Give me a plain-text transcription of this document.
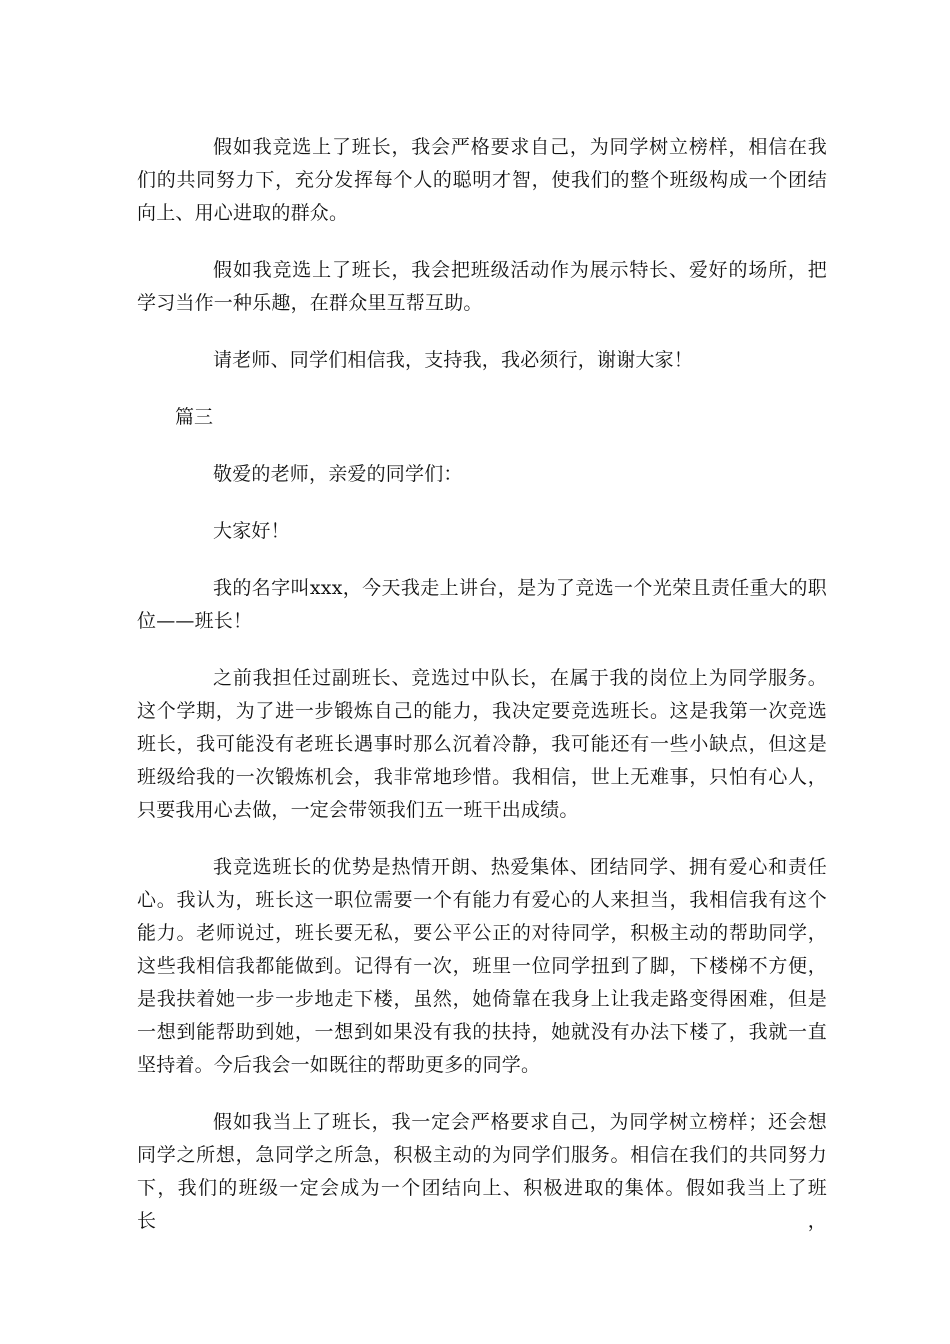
假如我竞选上了班长，我会严格要求自己，为同学树立榜样，相信在我们的共同努力下，充分发挥每个人的聪明才智，使我们的整个班级构成一个团结向上、用心进取的群众。

假如我竞选上了班长，我会把班级活动作为展示特长、爱好的场所，把学习当作一种乐趣，在群众里互帮互助。

请老师、同学们相信我，支持我，我必须行，谢谢大家！

篇三

敬爱的老师，亲爱的同学们：

大家好！

我的名字叫xxx，今天我走上讲台，是为了竞选一个光荣且责任重大的职位——班长！

之前我担任过副班长、竞选过中队长，在属于我的岗位上为同学服务。这个学期，为了进一步锻炼自己的能力，我决定要竞选班长。这是我第一次竞选班长，我可能没有老班长遇事时那么沉着冷静，我可能还有一些小缺点，但这是班级给我的一次锻炼机会，我非常地珍惜。我相信，世上无难事，只怕有心人，只要我用心去做，一定会带领我们五一班干出成绩。

我竞选班长的优势是热情开朗、热爱集体、团结同学、拥有爱心和责任心。我认为，班长这一职位需要一个有能力有爱心的人来担当，我相信我有这个能力。老师说过，班长要无私，要公平公正的对待同学，积极主动的帮助同学，这些我相信我都能做到。记得有一次，班里一位同学扭到了脚，下楼梯不方便，是我扶着她一步一步地走下楼，虽然，她倚靠在我身上让我走路变得困难，但是一想到能帮助到她，一想到如果没有我的扶持，她就没有办法下楼了，我就一直坚持着。今后我会一如既往的帮助更多的同学。

假如我当上了班长，我一定会严格要求自己，为同学树立榜样；还会想同学之所想，急同学之所急，积极主动的为同学们服务。相信在我们的共同努力下，我们的班级一定会成为一个团结向上、积极进取的集体。假如我当上了班长，
